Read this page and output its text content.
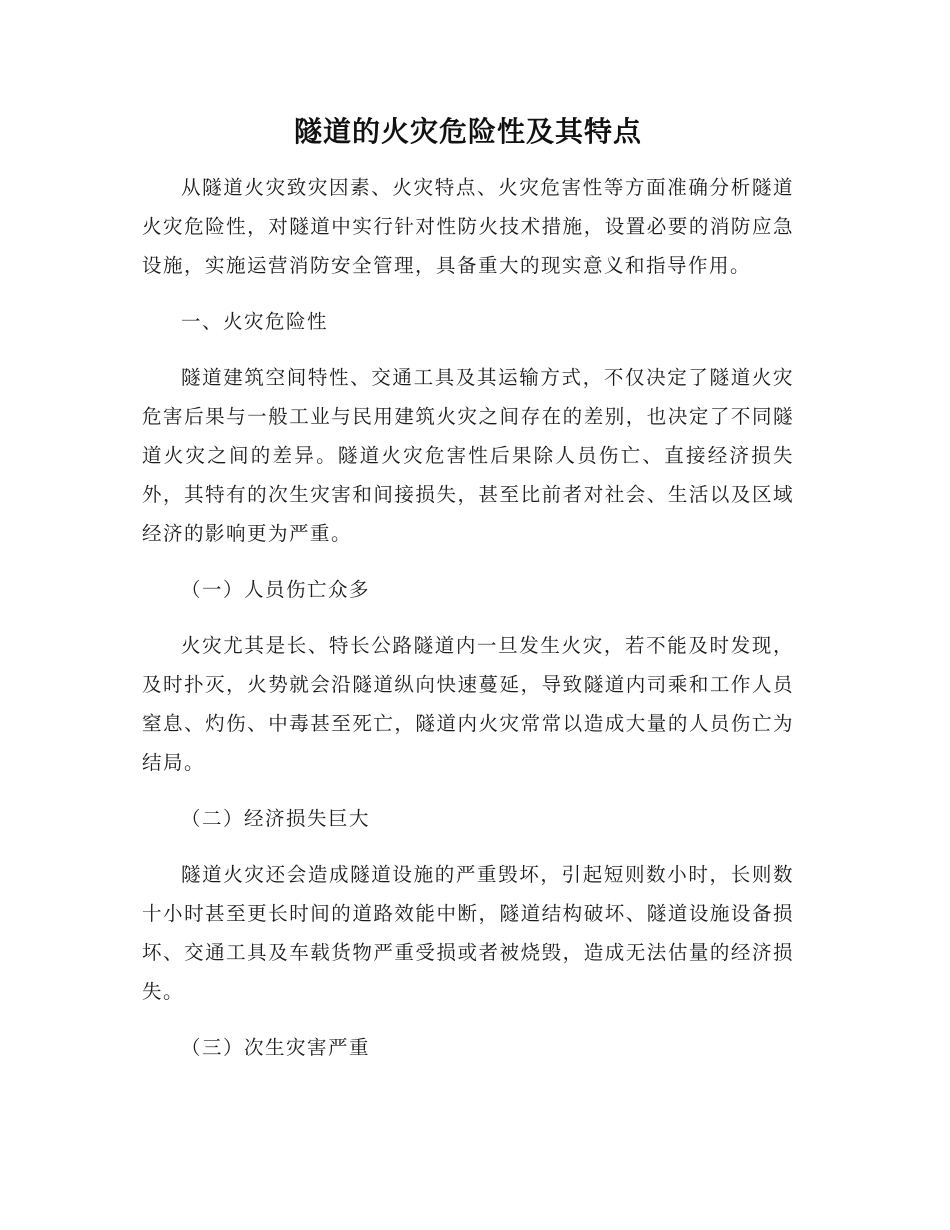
隧道的火灾危险性及其特点

从隧道火灾致灾因素、火灾特点、火灾危害性等方面准确分析隧道火灾危险性，对隧道中实行针对性防火技术措施，设置必要的消防应急设施，实施运营消防安全管理，具备重大的现实意义和指导作用。

一、火灾危险性

隧道建筑空间特性、交通工具及其运输方式，不仅决定了隧道火灾危害后果与一般工业与民用建筑火灾之间存在的差别，也决定了不同隧道火灾之间的差异。隧道火灾危害性后果除人员伤亡、直接经济损失外，其特有的次生灾害和间接损失，甚至比前者对社会、生活以及区域经济的影响更为严重。

（一）人员伤亡众多

火灾尤其是长、特长公路隧道内一旦发生火灾，若不能及时发现，及时扑灭，火势就会沿隧道纵向快速蔓延，导致隧道内司乘和工作人员窒息、灼伤、中毒甚至死亡，隧道内火灾常常以造成大量的人员伤亡为结局。

（二）经济损失巨大

隧道火灾还会造成隧道设施的严重毁坏，引起短则数小时，长则数十小时甚至更长时间的道路效能中断，隧道结构破坏、隧道设施设备损坏、交通工具及车载货物严重受损或者被烧毁，造成无法估量的经济损失。

（三）次生灾害严重
